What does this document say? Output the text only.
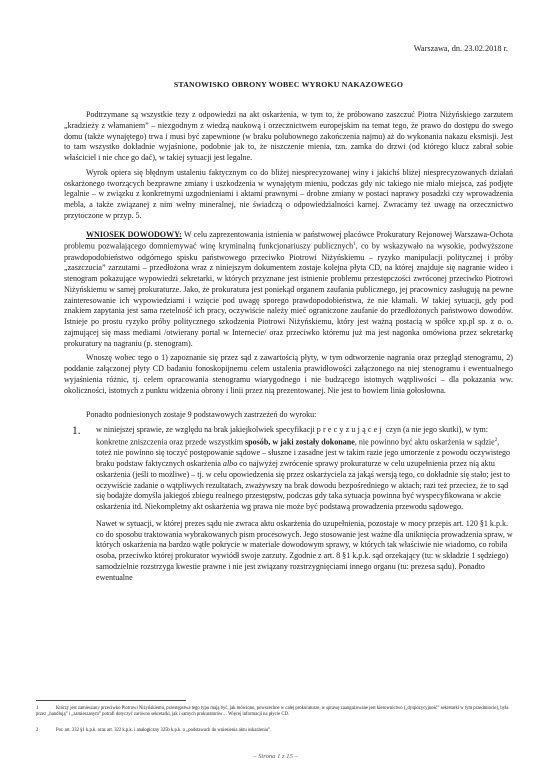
Warszawa, dn. 23.02.2018 r.
STANOWISKO OBRONY WOBEC WYROKU NAKAZOWEGO

Podtrzymane są wszystkie tezy z odpowiedzi na akt oskarżenia, w tym to, że próbowano zaszczuć Piotra Niżyńskiego zarzutem „kradzieży z włamaniem” – niezgodnym z wiedzą naukową i orzecznictwem europejskim na temat tego, że prawo do dostępu do swego domu (także wynajętego) trwa i musi być zapewnione (w braku polubownego zakończenia najmu) aż do wykonania nakazu eksmisji. Jest to tam wszystko dokładnie wyjaśnione, podobnie jak to, że niszczenie mienia, tzn. zamka do drzwi (od którego klucz zabrał sobie właściciel i nie chce go dać), w takiej sytuacji jest legalne.

Wyrok opiera się błędnym ustaleniu faktycznym co do bliżej niesprecyzowanej winy i jakichś bliżej niesprecyzowanych działań oskarżonego tworzących bezprawne zmiany i uszkodzenia w wynajętym mieniu, podczas gdy nic takiego nie miało miejsca, zaś podjęte legalnie – w związku z konkretnymi uzgodnieniami i aktami prawnymi – drobne zmiany w postaci naprawy posadzki czy wprowadzenia mebla, a także związanej z nim wełny mineralnej, nie świadczą o odpowiedzialności karnej. Zwracamy też uwagę na orzecznictwo przytoczone w przyp. 5.

WNIOSEK DOWODOWY: W celu zaprezentowania istnienia w państwowej placówce Prokuratury Rejonowej Warszawa-Ochota problemu pozwalającego domniemywać winę kryminalną funkcjonariuszy publicznych$^1$, co by wskazywało na wysokie, podwyższone prawdopodobieństwo odgórnego spisku państwowego przeciwko Piotrowi Niżyńskiemu – ryzyko manipulacji politycznej i próby „zaszczucia” zarzutami – przedłożona wraz z niniejszym dokumentem zostaje kolejna płyta CD, na której znajduje się nagranie wideo i stenogram pokazujące wypowiedzi sekretarki, w których przyznane jest istnienie problemu przestępczości zwróconej przeciwko Piotrowi Niżyńskiemu w samej prokuraturze. Jako, że prokuratura jest poniekąd organem zaufania publicznego, jej pracownicy zasługują na pewne zainteresowanie ich wypowiedziami i wzięcie pod uwagę sporego prawdopodobieństwa, że nie kłamali. W takiej sytuacji, gdy pod znakiem zapytania jest sama rzetelność ich pracy, oczywiście należy mieć ograniczone zaufanie do przedłożonych państwowo dowodów. Istnieje po prostu ryzyko próby politycznego szkodzenia Piotrowi Niżyńskiemu, który jest ważną postacią w spółce xp.pl sp. z o. o. zajmującej się mass mediami /otwierany portal w Internecie/ oraz przeciwko któremu już ma jest nagonka omówiona przez sekretarkę prokuratury na nagraniu (p. stenogram).

Wnoszę wobec tego o 1) zapoznanie się przez sąd z zawartością płyty, w tym odtworzenie nagrania oraz przegląd stenogramu, 2) poddanie załączonej płyty CD badaniu fonoskopijnemu celem ustalenia prawidłowości załączonego na niej stenogramu i ewentualnego wyjaśnienia różnic, tj. celem opracowania stenogramu wiarygodnego i nie budzącego istotnych wątpliwości – dla pokazania ww. okoliczności, istotnych z punktu widzenia obrony i linii przez nią prezentowanej. Nie jest to bowiem linia gołosłowna.

Ponadto podniesionych zostaje 9 podstawowych zastrzeżeń do wyroku:

1.	w niniejszej sprawie, ze względu na brak jakiejkolwiek specyfikacji precyzującej czyn (a nie jego skutki), w tym: konkretne zniszczenia oraz przede wszystkim sposób, w jaki zostały dokonane, nie powinno być aktu oskarżenia w sądzie$^2$, toteż nie powinno się toczyć postępowanie sądowe – słuszne i zasadne jest w takim razie jego umorzenie z powodu oczywistego braku podstaw faktycznych oskarżenia albo co najwyżej zwrócenie sprawy prokuraturze w celu uzupełnienia przez nią aktu oskarżenia (jeśli to możliwe) – tj. w celu opowiedzenia się przez oskarżyciela za jakąś wersją tego, co dokładnie się stało; jest to oczywiście zadanie o wątpliwych rezultatach, zważywszy na brak dowodu bezpośredniego w aktach; razi też przeciez, że to sąd się bodajże domyśla jakiegoś zbiegu realnego przestępstw, podczas gdy taka sytuacja powinna być wyspecyfikowana w akcie oskarżenia itd. Niekompletny akt oskarżenia wg prawa nie może być podstawą prowadzenia przewodu sądowego.

Nawet w sytuacji, w której prezes sądu nie zwraca aktu oskarżenia do uzupełnienia, pozostaje w mocy przepis art. 120 §1 k.p.k. co do sposobu traktowania wybrakowanych pism procesowych. Jego stosowanie jest ważne dla uniknięcia prowadzenia spraw, w których oskarżenia na bardzo wątłe pokrycie w materiale dowodowym sprawy, w których tak właściwie nie wiadomo, co robiła osoba, przeciwko której prokurator wywiódł swoje zarzuty. Zgodnie z art. 8 §1 k.p.k. sąd orzekający (tu: w składzie 1 sędziego) samodzielnie rozstrzyga kwestie prawne i nie jest związany rozstrzygnięciami innego organu (tu: prezesa sądu). Ponadto ewentualne

1	Którzy jest zamieszany przeciwko Piotrowi Niżyńskiemu, przestępstwa tego typu mają być, jak mówiono, powszechne w całej prokuraturze, w sprawę zaangażowane jest kierownictwo („dyspozycyjność” sekretarki w tym przedmiocie), była przez „handlują” i „zamieszanym” potrafi dotyczyć zarówno sekretarki, jak i samych prokuratorów… Więcej informacji na płycie CD.
2	Por. art. 332 §1 k.p.k. oraz art. 322 k.p.k. i analogiczny 325b k.p.k. o „podstawach do wniesienia aktu oskarżenia”.
– Strona 1 z 15 –
